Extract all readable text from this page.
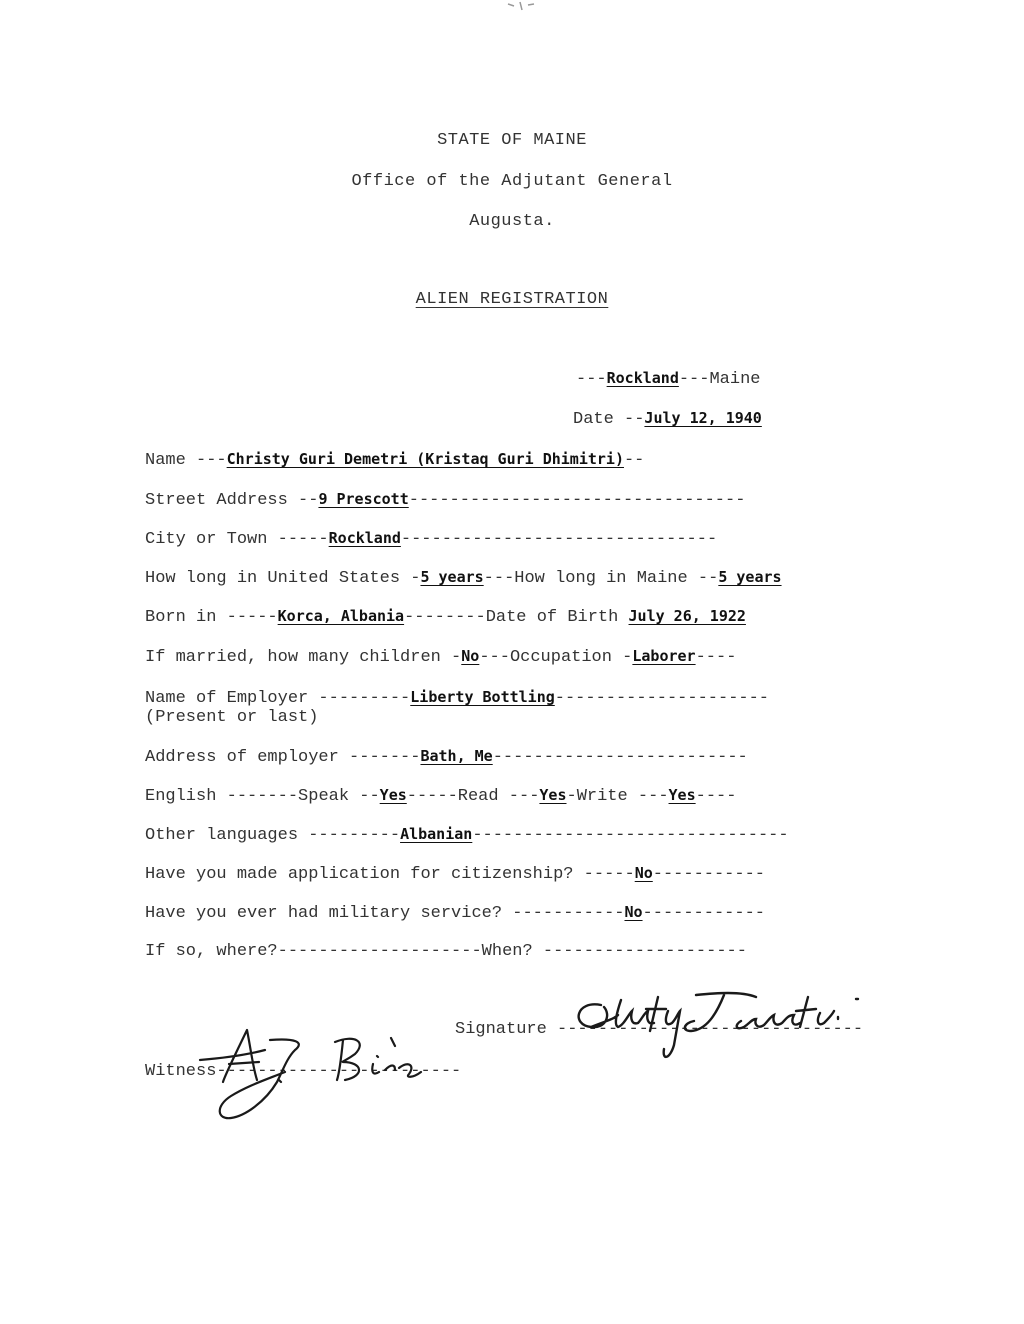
STATE OF MAINE
Office of the Adjutant General
Augusta.
ALIEN REGISTRATION
---Rockland---Maine
Date --July 12, 1940
Name ---Christy Guri Demetri (Kristaq Guri Dhimitri)--
Street Address --9 Prescott---------------------------------
City or Town -----Rockland-------------------------------
How long in United States -5 years---How long in Maine --5 years
Born in -----Korca, Albania--------Date of Birth July 26, 1922
If married, how many children -No---Occupation -Laborer----
Name of Employer ---------Liberty Bottling---------------------
(Present or last)
Address of employer -------Bath, Me-------------------------
English -------Speak --Yes-----Read ---Yes-Write ---Yes----
Other languages ---------Albanian-------------------------------
Have you made application for citizenship? -----No-----------
Have you ever had military service? -----------No------------
If so, where?--------------------When? --------------------
Signature ------------------------------
Witness------------------------
